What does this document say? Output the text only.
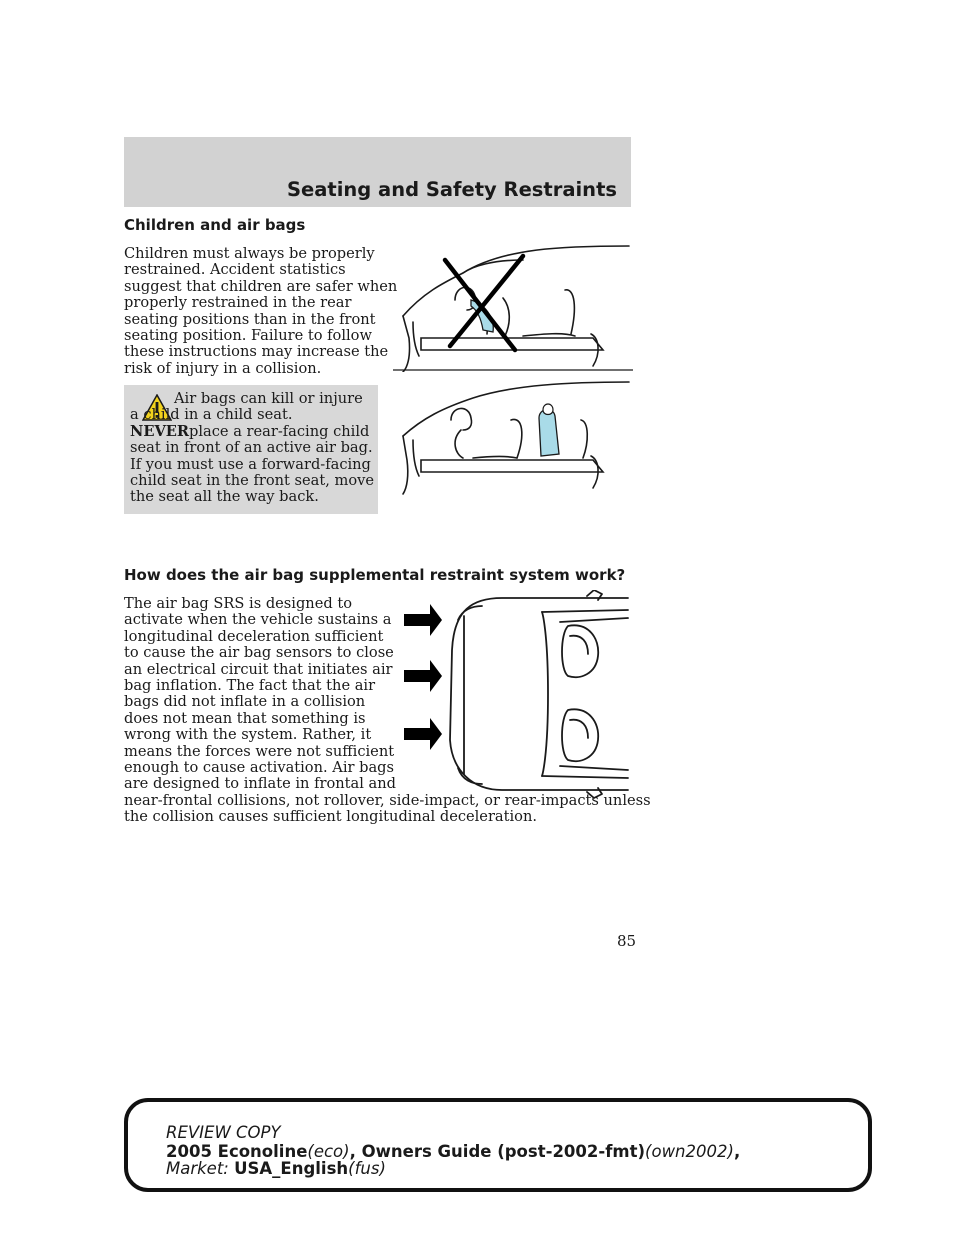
Seating and Safety Restraints
Children and air bags
Children must always be properly
restrained. Accident statistics
suggest that children are safer when
properly restrained in the rear
seating positions than in the front
seating position. Failure to follow
these instructions may increase the
risk of injury in a collision.

Air bags can kill or injure a child in a child seat. NEVERplace a rear-facing child seat in front of an active air bag. If you must use a forward-facing child seat in the front seat, move the seat all the way back.

How does the air bag supplemental restraint system work?
The air bag SRS is designed to
activate when the vehicle sustains a
longitudinal deceleration sufficient
to cause the air bag sensors to close
an electrical circuit that initiates air
bag inflation. The fact that the air
bags did not inflate in a collision
does not mean that something is
wrong with the system. Rather, it
means the forces were not sufficient
enough to cause activation. Air bags
are designed to inflate in frontal and
near-frontal collisions, not rollover, side-impact, or rear-impacts unless
the collision causes sufficient longitudinal deceleration.
85
REVIEW COPY
2005 Econoline(eco), Owners Guide (post-2002-fmt)(own2002),
Market: USA_English(fus)
